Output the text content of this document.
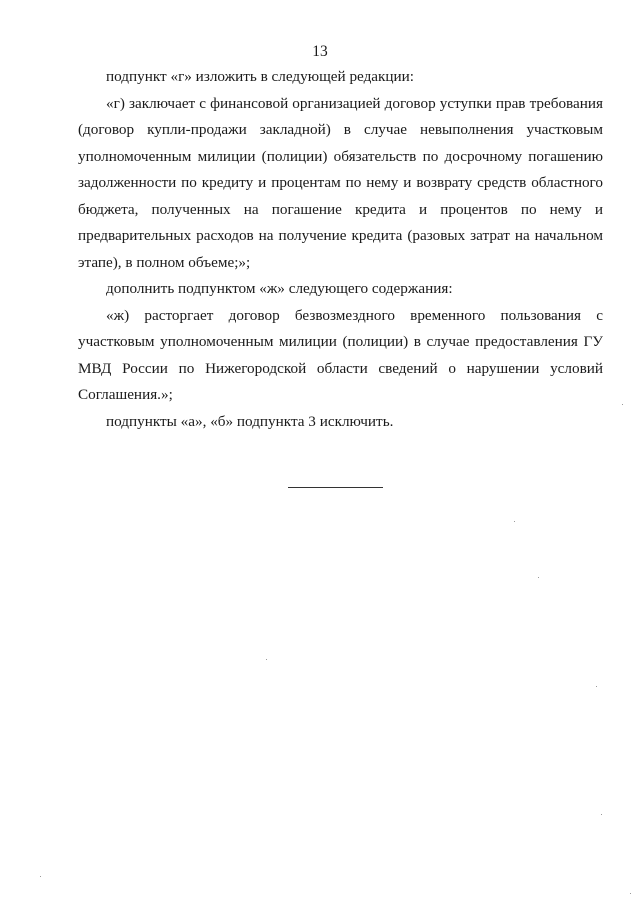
13

подпункт «г» изложить в следующей редакции:

«г) заключает с финансовой организацией договор уступки прав требования (договор купли-продажи закладной) в случае невыполнения участковым уполномоченным милиции (полиции) обязательств по досрочному погашению задолженности по кредиту и процентам по нему и возврату средств областного бюджета, полученных на погашение кредита и процентов по нему и предварительных расходов на получение кредита (разовых затрат на начальном этапе), в полном объеме;»;

дополнить подпунктом «ж» следующего содержания:

«ж) расторгает договор безвозмездного временного пользования с участковым уполномоченным милиции (полиции) в случае предоставления ГУ МВД России по Нижегородской области сведений о нарушении условий Соглашения.»;

подпункты «а», «б» подпункта 3 исключить.
